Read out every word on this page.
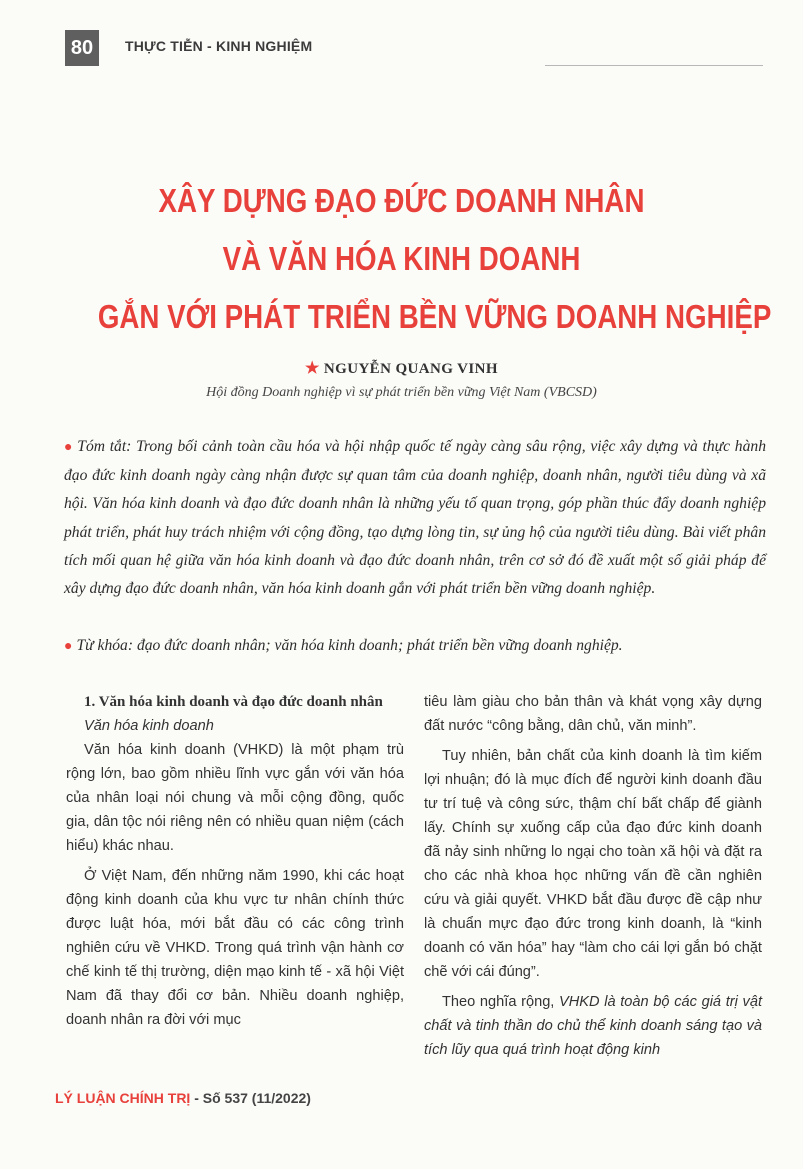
80	THỰC TIỄN - KINH NGHIỆM
XÂY DỰNG ĐẠO ĐỨC DOANH NHÂN
VÀ VĂN HÓA KINH DOANH
GẮN VỚI PHÁT TRIỂN BỀN VỮNG DOANH NGHIỆP
★ NGUYỄN QUANG VINH
Hội đồng Doanh nghiệp vì sự phát triển bền vững Việt Nam (VBCSD)
● Tóm tắt: Trong bối cảnh toàn cầu hóa và hội nhập quốc tế ngày càng sâu rộng, việc xây dựng và thực hành đạo đức kinh doanh ngày càng nhận được sự quan tâm của doanh nghiệp, doanh nhân, người tiêu dùng và xã hội. Văn hóa kinh doanh và đạo đức doanh nhân là những yếu tố quan trọng, góp phần thúc đẩy doanh nghiệp phát triển, phát huy trách nhiệm với cộng đồng, tạo dựng lòng tin, sự ủng hộ của người tiêu dùng. Bài viết phân tích mối quan hệ giữa văn hóa kinh doanh và đạo đức doanh nhân, trên cơ sở đó đề xuất một số giải pháp để xây dựng đạo đức doanh nhân, văn hóa kinh doanh gắn với phát triển bền vững doanh nghiệp.
● Từ khóa: đạo đức doanh nhân; văn hóa kinh doanh; phát triển bền vững doanh nghiệp.

1. Văn hóa kinh doanh và đạo đức doanh nhân

Văn hóa kinh doanh

Văn hóa kinh doanh (VHKD) là một phạm trù rộng lớn, bao gồm nhiều lĩnh vực gắn với văn hóa của nhân loại nói chung và mỗi cộng đồng, quốc gia, dân tộc nói riêng nên có nhiều quan niệm (cách hiểu) khác nhau.

Ở Việt Nam, đến những năm 1990, khi các hoạt động kinh doanh của khu vực tư nhân chính thức được luật hóa, mới bắt đầu có các công trình nghiên cứu về VHKD. Trong quá trình vận hành cơ chế kinh tế thị trường, diện mạo kinh tế - xã hội Việt Nam đã thay đổi cơ bản. Nhiều doanh nghiệp, doanh nhân ra đời với mục

tiêu làm giàu cho bản thân và khát vọng xây dựng đất nước “công bằng, dân chủ, văn minh”.

Tuy nhiên, bản chất của kinh doanh là tìm kiếm lợi nhuận; đó là mục đích để người kinh doanh đầu tư trí tuệ và công sức, thậm chí bất chấp để giành lấy. Chính sự xuống cấp của đạo đức kinh doanh đã nảy sinh những lo ngại cho toàn xã hội và đặt ra cho các nhà khoa học những vấn đề cần nghiên cứu và giải quyết. VHKD bắt đầu được đề cập như là chuẩn mực đạo đức trong kinh doanh, là “kinh doanh có văn hóa” hay “làm cho cái lợi gắn bó chặt chẽ với cái đúng”.

Theo nghĩa rộng, VHKD là toàn bộ các giá trị vật chất và tinh thần do chủ thể kinh doanh sáng tạo và tích lũy qua quá trình hoạt động kinh

LÝ LUẬN CHÍNH TRỊ - Số 537 (11/2022)
